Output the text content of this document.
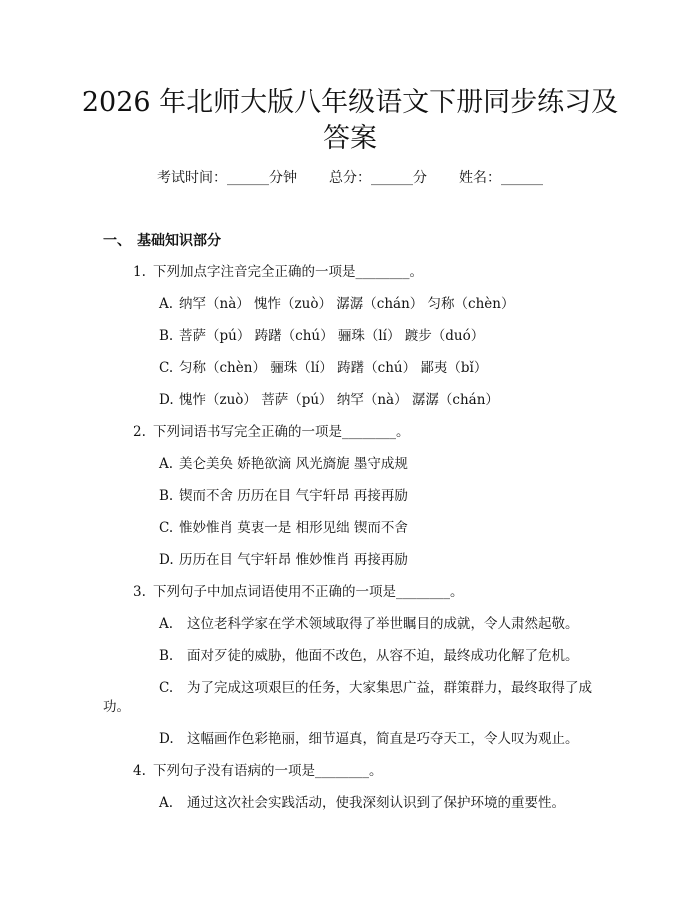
2026 年北师大版八年级语文下册同步练习及
答案
考试时间：______分钟 总分：______分 姓名：______
一、 基础知识部分
1. 下列加点字注音完全正确的一项是________。
A. 纳罕（nà） 愧怍（zuò） 潺潺（chán） 匀称（chèn）
B. 菩萨（pú） 踌躇（chú） 骊珠（lí） 踱步（duó）
C. 匀称（chèn） 骊珠（lí） 踌躇（chú） 鄙夷（bǐ）
D. 愧怍（zuò） 菩萨（pú） 纳罕（nà） 潺潺（chán）
2. 下列词语书写完全正确的一项是________。
A. 美仑美奂 娇艳欲滴 风光旖旎 墨守成规
B. 锲而不舍 历历在目 气宇轩昂 再接再励
C. 惟妙惟肖 莫衷一是 相形见绌 锲而不舍
D. 历历在目 气宇轩昂 惟妙惟肖 再接再励
3. 下列句子中加点词语使用不正确的一项是________。
A. 这位老科学家在学术领域取得了举世瞩目的成就，令人肃然起敬。
B. 面对歹徒的威胁，他面不改色，从容不迫，最终成功化解了危机。
C. 为了完成这项艰巨的任务，大家集思广益，群策群力，最终取得了成
功。
D. 这幅画作色彩艳丽，细节逼真，简直是巧夺天工，令人叹为观止。
4. 下列句子没有语病的一项是________。
A. 通过这次社会实践活动，使我深刻认识到了保护环境的重要性。
